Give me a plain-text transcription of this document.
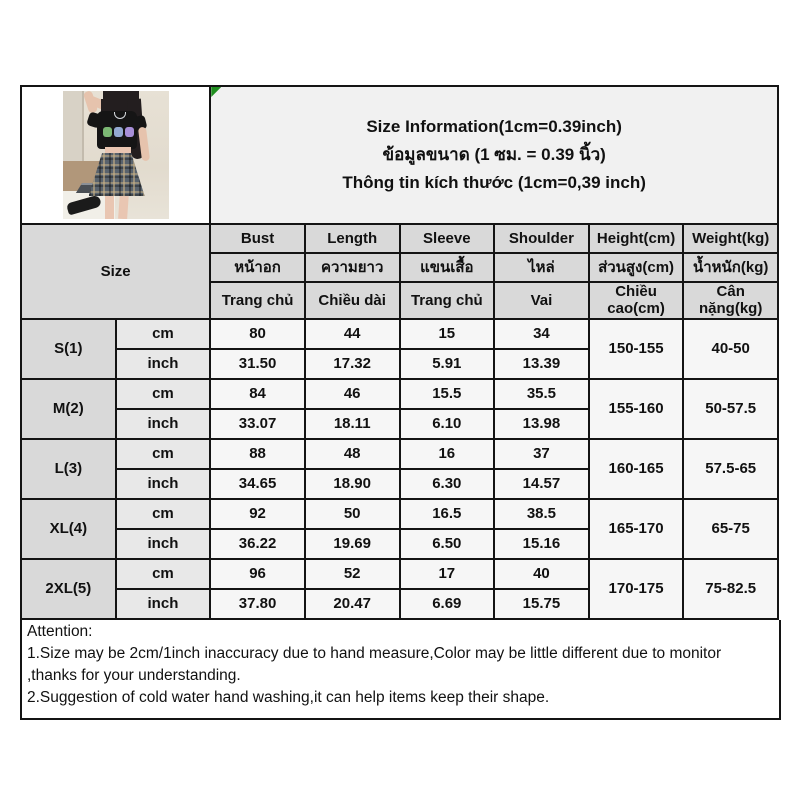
		Size Information(1cm=0.39inch)
ข้อมูลขนาด (1 ซม. = 0.39 นิ้ว)
Thông tin kích thước (1cm=0,39 inch)					

Size		Bust	Length	Sleeve	Shoulder	Height(cm)	Weight(kg)
		หน้าอก	ความยาว	แขนเสื้อ	ไหล่	ส่วนสูง(cm)	น้ำหนัก(kg)
		Trang chủ	Chiều dài	Trang chủ	Vai	Chiều cao(cm)	Cân nặng(kg)
S(1)	cm	80	44	15	34	150-155	40-50
	inch	31.50	17.32	5.91	13.39		
M(2)	cm	84	46	15.5	35.5	155-160	50-57.5
	inch	33.07	18.11	6.10	13.98		
L(3)	cm	88	48	16	37	160-165	57.5-65
	inch	34.65	18.90	6.30	14.57		
XL(4)	cm	92	50	16.5	38.5	165-170	65-75
	inch	36.22	19.69	6.50	15.16		
2XL(5)	cm	96	52	17	40	170-175	75-82.5
	inch	37.80	20.47	6.69	15.75		
Attention:

1.Size may be 2cm/1inch inaccuracy due to hand measure,Color may be little different due to monitor ,thanks for your understanding.

2.Suggestion of cold water hand washing,it can help items keep their shape.
